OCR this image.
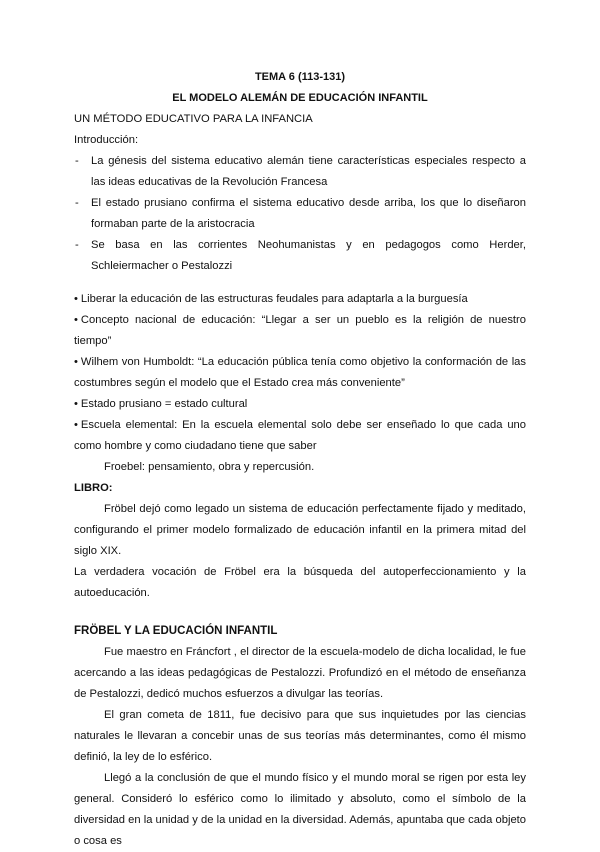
TEMA 6 (113-131)
EL MODELO ALEMÁN DE EDUCACIÓN INFANTIL
UN MÉTODO EDUCATIVO PARA LA INFANCIA
Introducción:
- La génesis del sistema educativo alemán tiene características especiales respecto a las ideas educativas de la Revolución Francesa
- El estado prusiano confirma el sistema educativo desde arriba, los que lo diseñaron formaban parte de la aristocracia
- Se basa en las corrientes Neohumanistas y en pedagogos como Herder, Schleiermacher o Pestalozzi
• Liberar la educación de las estructuras feudales para adaptarla a la burguesía
• Concepto nacional de educación: “Llegar a ser un pueblo es la religión de nuestro tiempo”
• Wilhem von Humboldt: “La educación pública tenía como objetivo la conformación de las costumbres según el modelo que el Estado crea más conveniente”
• Estado prusiano = estado cultural
• Escuela elemental: En la escuela elemental solo debe ser enseñado lo que cada uno como hombre y como ciudadano tiene que saber
Froebel: pensamiento, obra y repercusión.
LIBRO:
Fröbel dejó como legado un sistema de educación perfectamente fijado y meditado, configurando el primer modelo formalizado de educación infantil en la primera mitad del siglo XIX.
La verdadera vocación de Fröbel era la búsqueda del autoperfeccionamiento y la autoeducación.
FRÖBEL Y LA EDUCACIÓN INFANTIL
Fue maestro en Fráncfort , el director de la escuela-modelo de dicha localidad, le fue acercando a las ideas pedagógicas de Pestalozzi. Profundizó en el método de enseñanza de Pestalozzi, dedicó muchos esfuerzos a divulgar las teorías.
El gran cometa de 1811, fue decisivo para que sus inquietudes por las ciencias naturales le llevaran a concebir unas de sus teorías más determinantes, como él mismo definió, la ley de lo esférico.
Llegó a la conclusión de que el mundo físico y el mundo moral se rigen por esta ley general. Consideró lo esférico como lo ilimitado y absoluto, como el símbolo de la diversidad en la unidad y de la unidad en la diversidad. Además, apuntaba que cada objeto o cosa es
